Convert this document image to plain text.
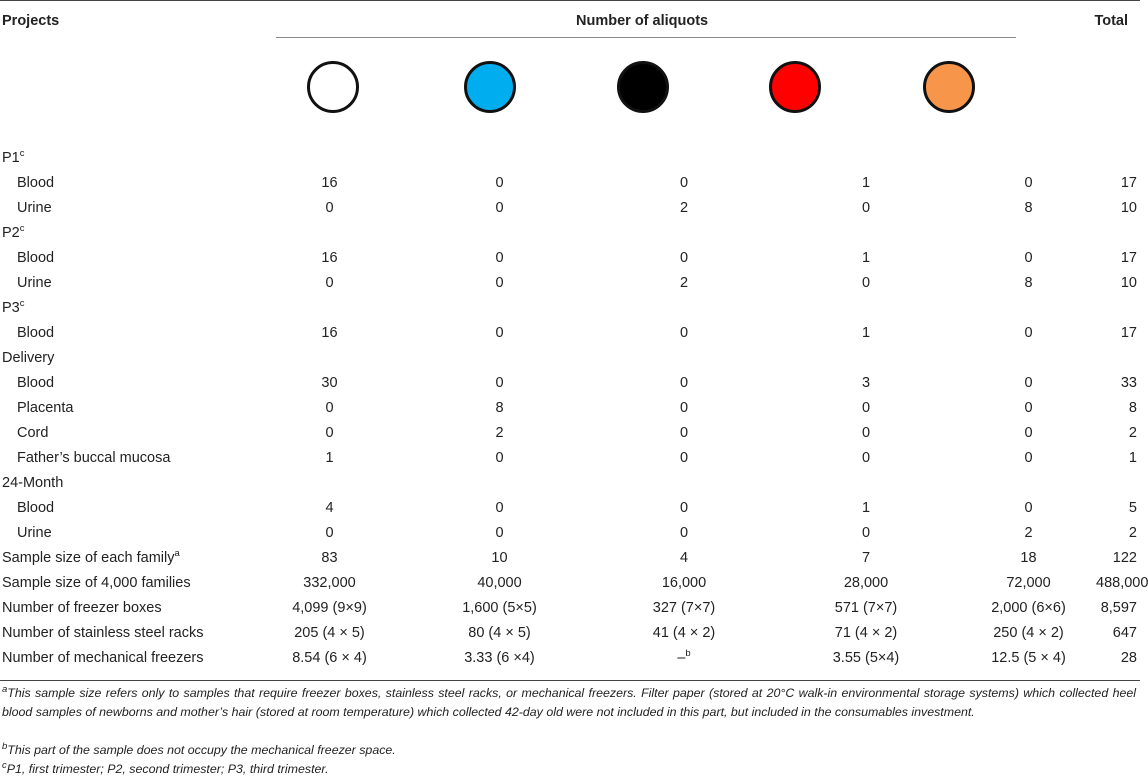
Projects	Number of aliquots	Total
P1$^c$						
Blood	16	0	0	1	0	17
Urine	0	0	2	0	8	10
P2$^c$						
Blood	16	0	0	1	0	17
Urine	0	0	2	0	8	10
P3$^c$						
Blood	16	0	0	1	0	17
Delivery						
Blood	30	0	0	3	0	33
Placenta	0	8	0	0	0	8
Cord	0	2	0	0	0	2
Father’s buccal mucosa	1	0	0	0	0	1
24-Month						
Blood	4	0	0	1	0	5
Urine	0	0	0	0	2	2
Sample size of each family$^a$	83	10	4	7	18	122
Sample size of 4,000 families	332,000	40,000	16,000	28,000	72,000	488,000
Number of freezer boxes	4,099 (9×9)	1,600 (5×5)	327 (7×7)	571 (7×7)	2,000 (6×6)	8,597
Number of stainless steel racks	205 (4 × 5)	80 (4 × 5)	41 (4 × 2)	71 (4 × 2)	250 (4 × 2)	647
Number of mechanical freezers	8.54 (6 × 4)	3.33 (6 ×4)	–$^b$	3.55 (5×4)	12.5 (5 × 4)	28
$^a$This sample size refers only to samples that require freezer boxes, stainless steel racks, or mechanical freezers. Filter paper (stored at 20°C walk-in environmental storage systems) which collected heel blood samples of newborns and mother’s hair (stored at room temperature) which collected 42-day old were not included in this part, but included in the consumables investment.
$^b$This part of the sample does not occupy the mechanical freezer space.
$^c$P1, first trimester; P2, second trimester; P3, third trimester.
